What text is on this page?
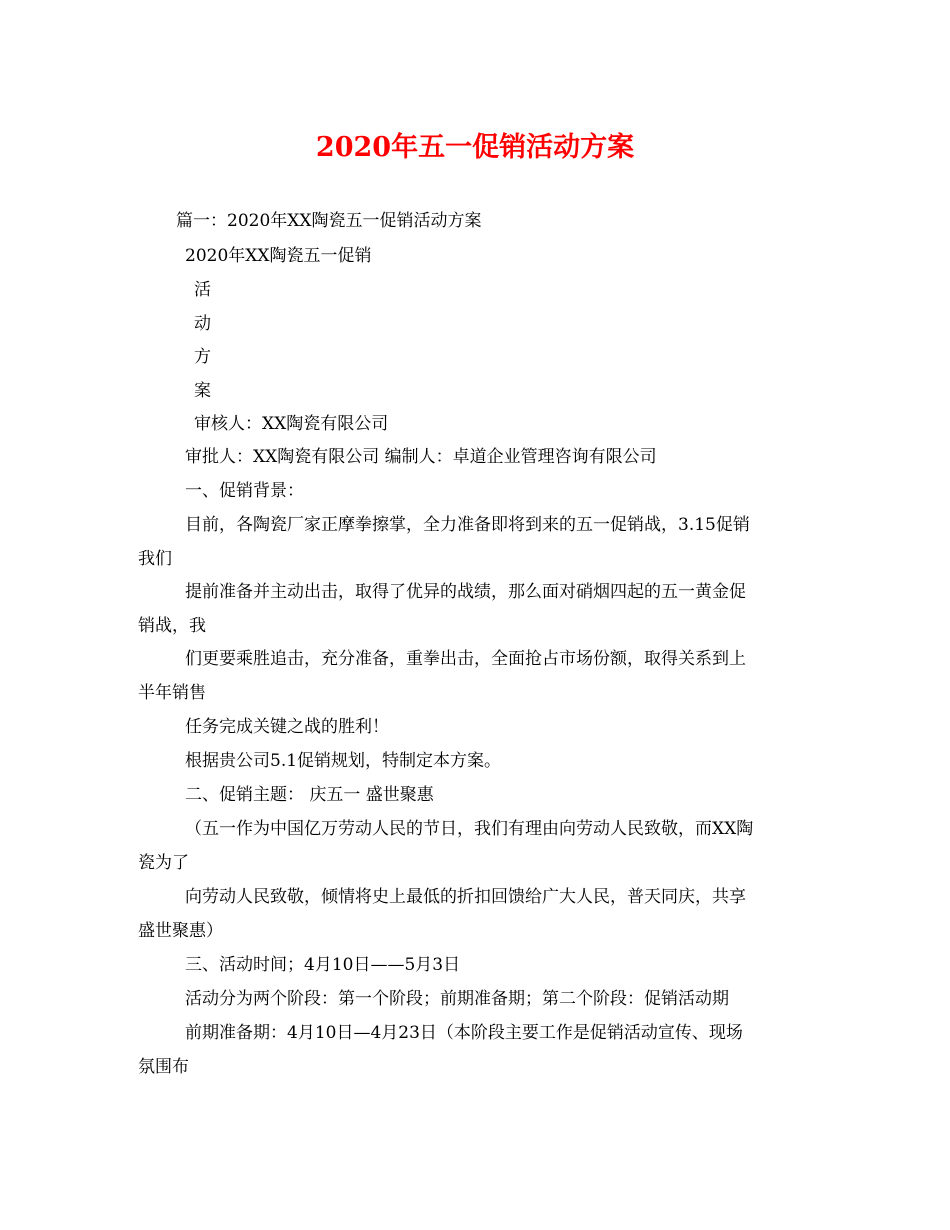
2020年五一促销活动方案
篇一：2020年XX陶瓷五一促销活动方案
2020年XX陶瓷五一促销
活
动
方
案
审核人：XX陶瓷有限公司
审批人：XX陶瓷有限公司 编制人：卓道企业管理咨询有限公司
一、促销背景：
目前，各陶瓷厂家正摩拳擦掌，全力准备即将到来的五一促销战，3.15促销
我们
提前准备并主动出击，取得了优异的战绩，那么面对硝烟四起的五一黄金促
销战，我
们更要乘胜追击，充分准备，重拳出击，全面抢占市场份额，取得关系到上
半年销售
任务完成关键之战的胜利！
根据贵公司5.1促销规划，特制定本方案。
二、促销主题： 庆五一 盛世聚惠
（五一作为中国亿万劳动人民的节日，我们有理由向劳动人民致敬，而XX陶
瓷为了
向劳动人民致敬，倾情将史上最低的折扣回馈给广大人民，普天同庆，共享
盛世聚惠）
三、活动时间；4月10日——5月3日
活动分为两个阶段：第一个阶段；前期准备期；第二个阶段：促销活动期
前期准备期：4月10日—4月23日（本阶段主要工作是促销活动宣传、现场
氛围布
